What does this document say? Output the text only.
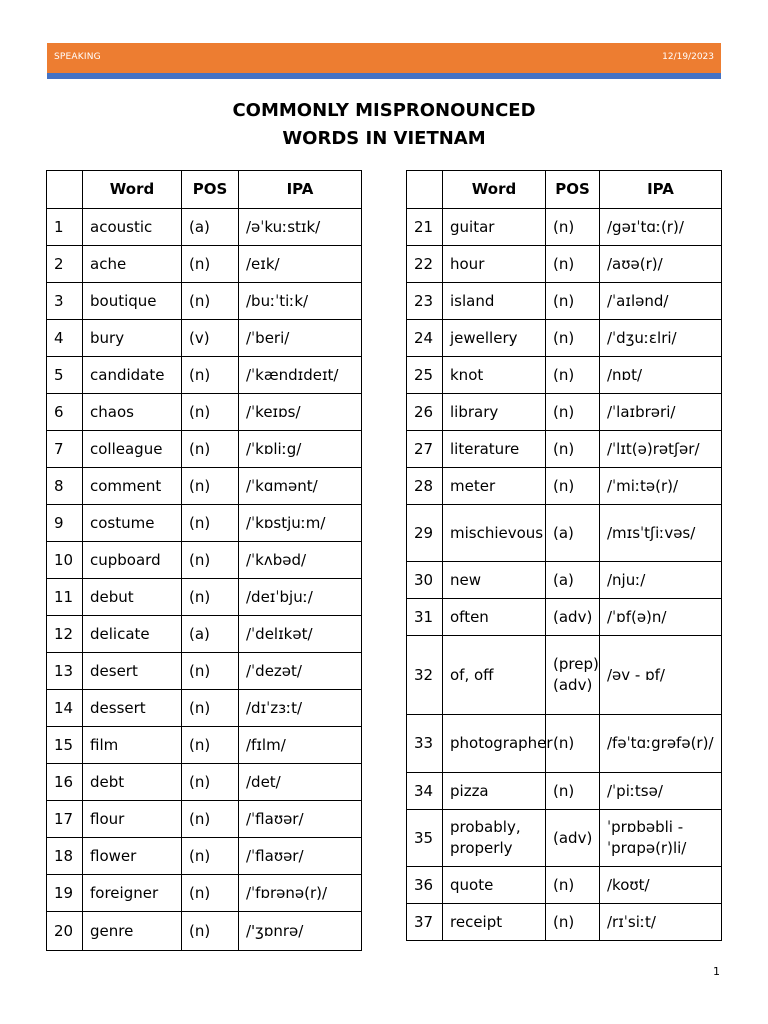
SPEAKING	12/19/2023
COMMONLY MISPRONOUNCED
WORDS IN VIETNAM
	Word	POS	IPA
1	acoustic	(a)	/əˈkuːstɪk/
2	ache	(n)	/eɪk/
3	boutique	(n)	/buːˈtiːk/
4	bury	(v)	/ˈberi/
5	candidate	(n)	/ˈkændɪdeɪt/
6	chaos	(n)	/ˈkeɪɒs/
7	colleague	(n)	/ˈkɒliːg/
8	comment	(n)	/ˈkɑmənt/
9	costume	(n)	/ˈkɒstjuːm/
10	cupboard	(n)	/ˈkʌbəd/
11	debut	(n)	/deɪˈbjuː/
12	delicate	(a)	/ˈdelɪkət/
13	desert	(n)	/ˈdezət/
14	dessert	(n)	/dɪˈzɜːt/
15	film	(n)	/fɪlm/
16	debt	(n)	/det/
17	flour	(n)	/ˈflaʊər/
18	flower	(n)	/ˈflaʊər/
19	foreigner	(n)	/ˈfɒrənə(r)/
20	genre	(n)	/'ʒɒnrə/
	Word	POS	IPA
21	guitar	(n)	/gəɪˈtɑː(r)/
22	hour	(n)	/aʊə(r)/
23	island	(n)	/ˈaɪlənd/
24	jewellery	(n)	/ˈdʒuːɛlri/
25	knot	(n)	/nɒt/
26	library	(n)	/ˈlaɪbrəri/
27	literature	(n)	/ˈlɪt(ə)rətʃər/
28	meter	(n)	/ˈmiːtə(r)/
29	mischievous	(a)	/mɪsˈtʃiːvəs/
30	new	(a)	/njuː/
31	often	(adv)	/ˈɒf(ə)n/
32	of, off	(prep) (adv)	/əv - ɒf/
33	photographer	(n)	/fəˈtɑːgrəfə(r)/
34	pizza	(n)	/ˈpiːtsə/
35	probably, properly	(adv)	ˈprɒbəbli - ˈprɑpə(r)li/
36	quote	(n)	/koʊt/
37	receipt	(n)	/rɪˈsiːt/
1
